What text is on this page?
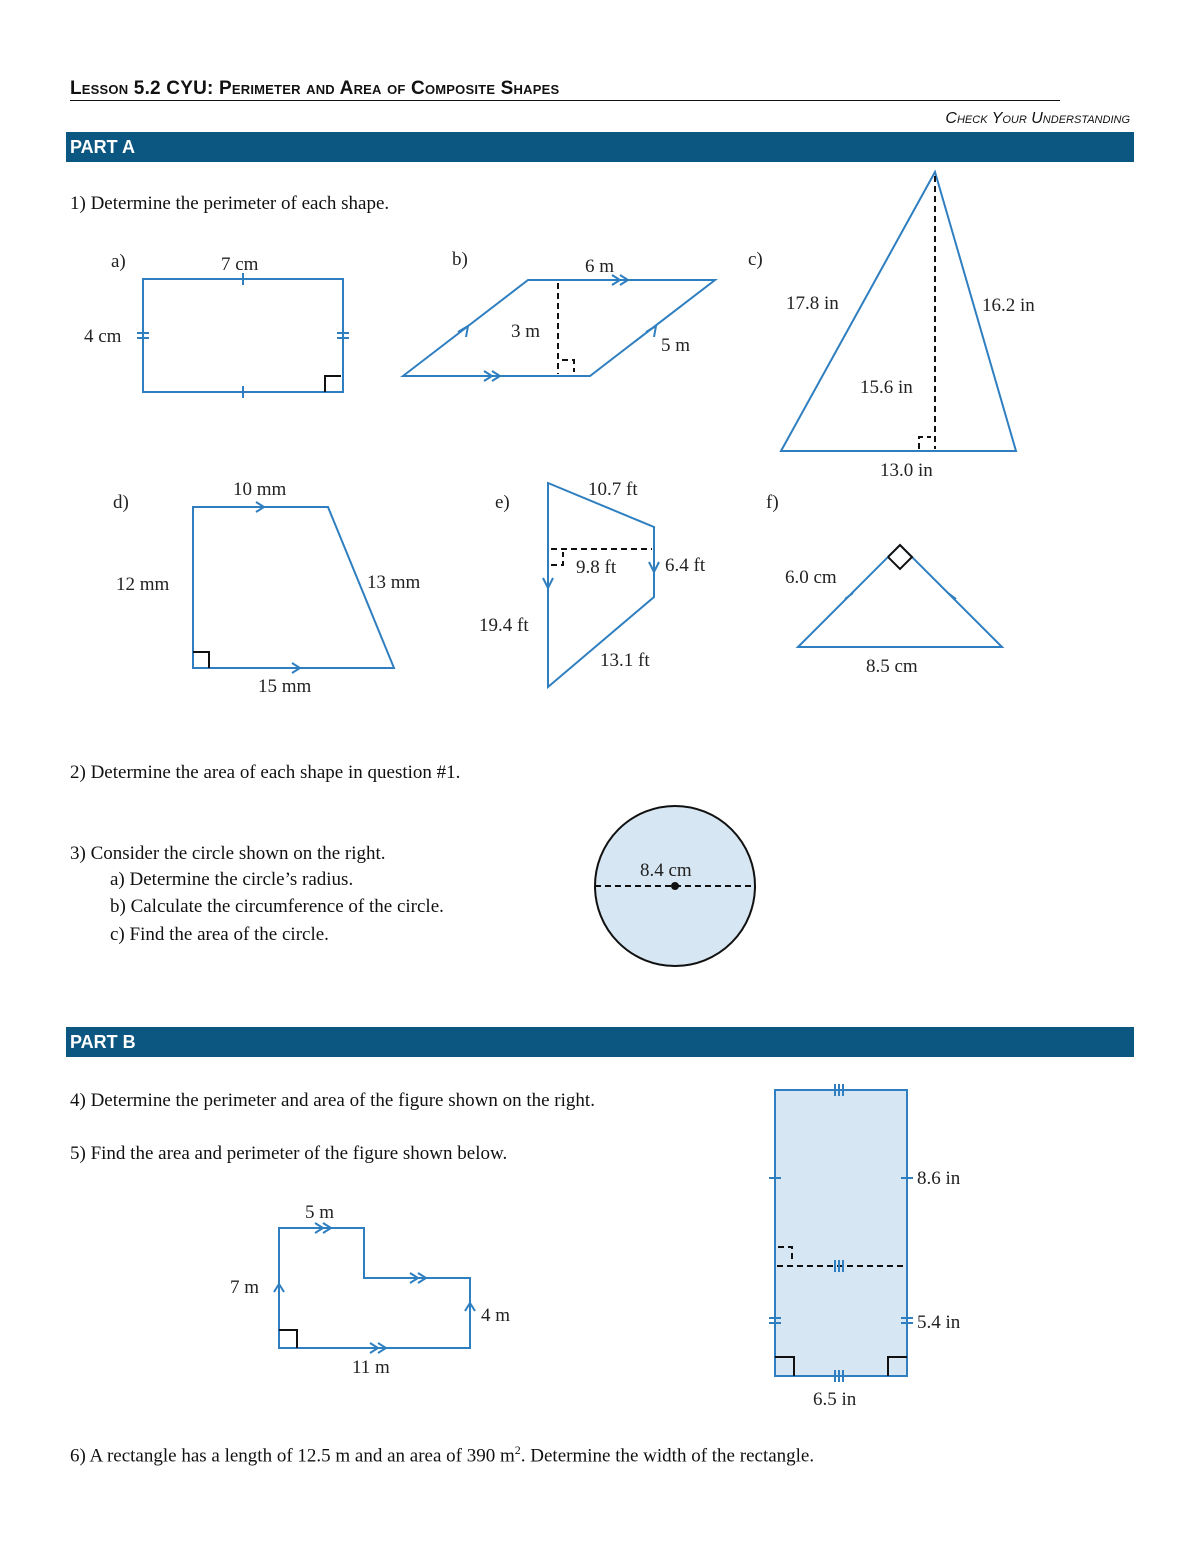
Lesson 5.2 CYU: Perimeter and Area of Composite Shapes
Check Your Understanding
PART A
PART B
1) Determine the perimeter of each shape.
2) Determine the area of each shape in question #1.
3) Consider the circle shown on the right.
a) Determine the circle’s radius.
b) Calculate the circumference of the circle.
c) Find the area of the circle.
4) Determine the perimeter and area of the figure shown on the right.
5) Find the area and perimeter of the figure shown below.
6) A rectangle has a length of 12.5 m and an area of 390 $m^2$. Determine the width of the rectangle.
a)	b)	c)
d)	e)	f)
7 cm
4 cm
6 m
3 m
5 m
17.8 in	16.2 in
15.6 in
13.0 in
10 mm
12 mm	13 mm
15 mm
10.7 ft
9.8 ft	6.4 ft
19.4 ft
13.1 ft
6.0 cm
8.5 cm
8.4 cm
5 m
7 m
4 m
11 m
8.6 in
5.4 in
6.5 in
